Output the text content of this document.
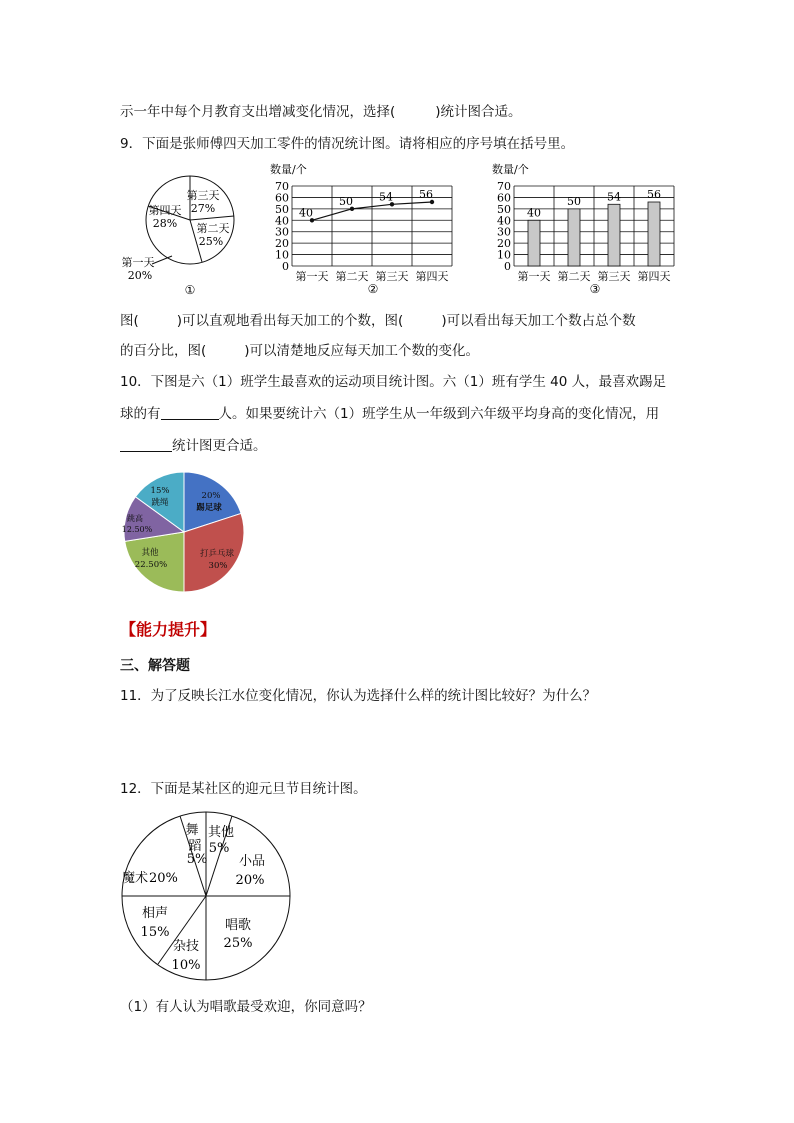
示一年中每个月教育支出增减变化情况，选择(	)统计图合适。
9．下面是张师傅四天加工零件的情况统计图。请将相应的序号填在括号里。
第三天
27%
第四天
28% 第二天
25%
第一天
20%
①
数量/个
0
10
20
30
40
50
60
70
第一天 第二天 第三天 第四天
40
50 54 56
②
数量/个
0
10
20
30
40
50
60
70
第一天 第二天 第三天 第四天
40
50 54 56
③
图(	)可以直观地看出每天加工的个数，图(	)可以看出每天加工个数占总个数
的百分比，图(	)可以清楚地反应每天加工个数的变化。
10．下图是六（1）班学生最喜欢的运动项目统计图。六（1）班有学生 40 人，最喜欢踢足
球的有	人。如果要统计六（1）班学生从一年级到六年级平均身高的变化情况，用
统计图更合适。
20%
踢足球
打乒乓球
30%
其他
22.50%
跳高
12.50%
15%
跳绳
【能力提升】
三、解答题
11．为了反映长江水位变化情况，你认为选择什么样的统计图比较好？为什么？
12．下面是某社区的迎元旦节目统计图。
舞
蹈
5%
其他
5%
小品
20%
唱歌
25%
杂技
10%
相声
15%
魔术 20%
（1）有人认为唱歌最受欢迎，你同意吗？
